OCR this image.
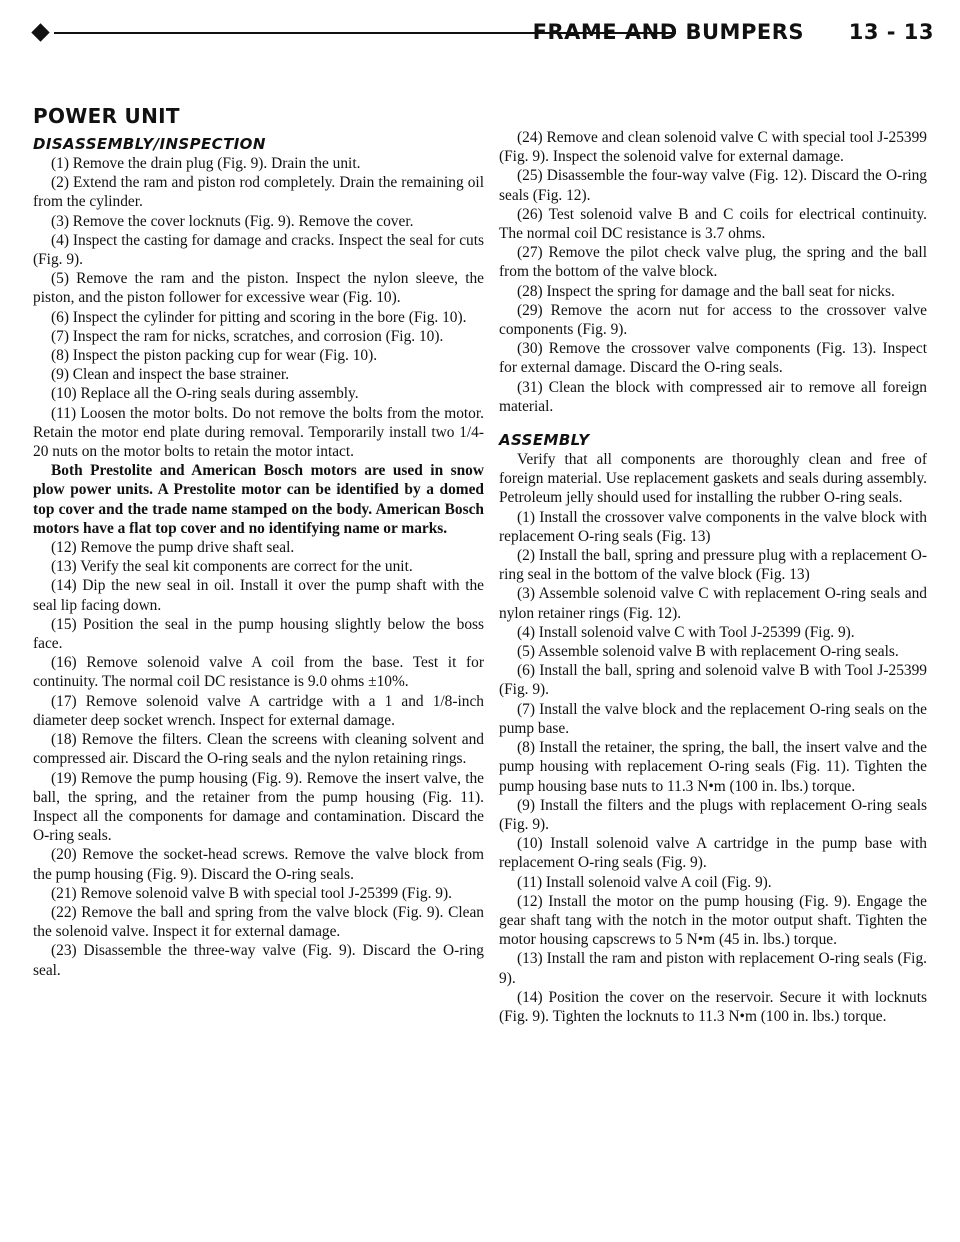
FRAME AND BUMPERS 13 - 13
POWER UNIT
DISASSEMBLY/INSPECTION

(1) Remove the drain plug (Fig. 9). Drain the unit.

(2) Extend the ram and piston rod completely. Drain the remaining oil from the cylinder.

(3) Remove the cover locknuts (Fig. 9). Remove the cover.

(4) Inspect the casting for damage and cracks. Inspect the seal for cuts (Fig. 9).

(5) Remove the ram and the piston. Inspect the nylon sleeve, the piston, and the piston follower for excessive wear (Fig. 10).

(6) Inspect the cylinder for pitting and scoring in the bore (Fig. 10).

(7) Inspect the ram for nicks, scratches, and corrosion (Fig. 10).

(8) Inspect the piston packing cup for wear (Fig. 10).

(9) Clean and inspect the base strainer.

(10) Replace all the O-ring seals during assembly.

(11) Loosen the motor bolts. Do not remove the bolts from the motor. Retain the motor end plate during removal. Temporarily install two 1/4-20 nuts on the motor bolts to retain the motor intact.

Both Prestolite and American Bosch motors are used in snow plow power units. A Prestolite motor can be identified by a domed top cover and the trade name stamped on the body. American Bosch motors have a flat top cover and no identifying name or marks.

(12) Remove the pump drive shaft seal.

(13) Verify the seal kit components are correct for the unit.

(14) Dip the new seal in oil. Install it over the pump shaft with the seal lip facing down.

(15) Position the seal in the pump housing slightly below the boss face.

(16) Remove solenoid valve A coil from the base. Test it for continuity. The normal coil DC resistance is 9.0 ohms ±10%.

(17) Remove solenoid valve A cartridge with a 1 and 1/8-inch diameter deep socket wrench. Inspect for external damage.

(18) Remove the filters. Clean the screens with cleaning solvent and compressed air. Discard the O-ring seals and the nylon retaining rings.

(19) Remove the pump housing (Fig. 9). Remove the insert valve, the ball, the spring, and the retainer from the pump housing (Fig. 11). Inspect all the components for damage and contamination. Discard the O-ring seals.

(20) Remove the socket-head screws. Remove the valve block from the pump housing (Fig. 9). Discard the O-ring seals.

(21) Remove solenoid valve B with special tool J-25399 (Fig. 9).

(22) Remove the ball and spring from the valve block (Fig. 9). Clean the solenoid valve. Inspect it for external damage.

(23) Disassemble the three-way valve (Fig. 9). Discard the O-ring seal.

(24) Remove and clean solenoid valve C with special tool J-25399 (Fig. 9). Inspect the solenoid valve for external damage.

(25) Disassemble the four-way valve (Fig. 12). Discard the O-ring seals (Fig. 12).

(26) Test solenoid valve B and C coils for electrical continuity. The normal coil DC resistance is 3.7 ohms.

(27) Remove the pilot check valve plug, the spring and the ball from the bottom of the valve block.

(28) Inspect the spring for damage and the ball seat for nicks.

(29) Remove the acorn nut for access to the crossover valve components (Fig. 9).

(30) Remove the crossover valve components (Fig. 13). Inspect for external damage. Discard the O-ring seals.

(31) Clean the block with compressed air to remove all foreign material.

ASSEMBLY

Verify that all components are thoroughly clean and free of foreign material. Use replacement gaskets and seals during assembly. Petroleum jelly should used for installing the rubber O-ring seals.

(1) Install the crossover valve components in the valve block with replacement O-ring seals (Fig. 13)

(2) Install the ball, spring and pressure plug with a replacement O-ring seal in the bottom of the valve block (Fig. 13)

(3) Assemble solenoid valve C with replacement O-ring seals and nylon retainer rings (Fig. 12).

(4) Install solenoid valve C with Tool J-25399 (Fig. 9).

(5) Assemble solenoid valve B with replacement O-ring seals.

(6) Install the ball, spring and solenoid valve B with Tool J-25399 (Fig. 9).

(7) Install the valve block and the replacement O-ring seals on the pump base.

(8) Install the retainer, the spring, the ball, the insert valve and the pump housing with replacement O-ring seals (Fig. 11). Tighten the pump housing base nuts to 11.3 N•m (100 in. lbs.) torque.

(9) Install the filters and the plugs with replacement O-ring seals (Fig. 9).

(10) Install solenoid valve A cartridge in the pump base with replacement O-ring seals (Fig. 9).

(11) Install solenoid valve A coil (Fig. 9).

(12) Install the motor on the pump housing (Fig. 9). Engage the gear shaft tang with the notch in the motor output shaft. Tighten the motor housing capscrews to 5 N•m (45 in. lbs.) torque.

(13) Install the ram and piston with replacement O-ring seals (Fig. 9).

(14) Position the cover on the reservoir. Secure it with locknuts (Fig. 9). Tighten the locknuts to 11.3 N•m (100 in. lbs.) torque.
